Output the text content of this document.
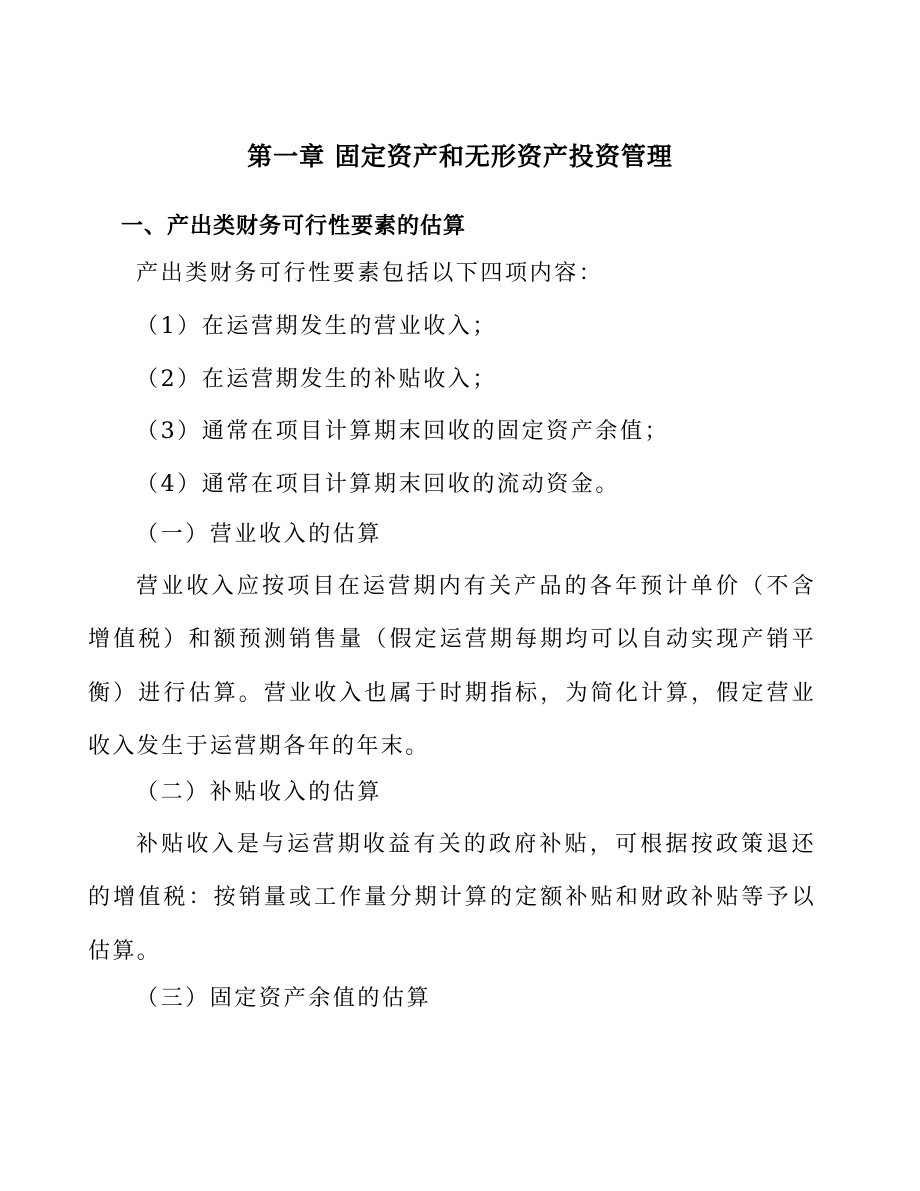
第一章 固定资产和无形资产投资管理
一、产出类财务可行性要素的估算
产出类财务可行性要素包括以下四项内容：
（1）在运营期发生的营业收入；
（2）在运营期发生的补贴收入；
（3）通常在项目计算期末回收的固定资产余值；
（4）通常在项目计算期末回收的流动资金。
（一）营业收入的估算
营业收入应按项目在运营期内有关产品的各年预计单价（不含增值税）和额预测销售量（假定运营期每期均可以自动实现产销平衡）进行估算。营业收入也属于时期指标，为简化计算，假定营业收入发生于运营期各年的年末。
（二）补贴收入的估算
补贴收入是与运营期收益有关的政府补贴，可根据按政策退还的增值税：按销量或工作量分期计算的定额补贴和财政补贴等予以估算。
（三）固定资产余值的估算
